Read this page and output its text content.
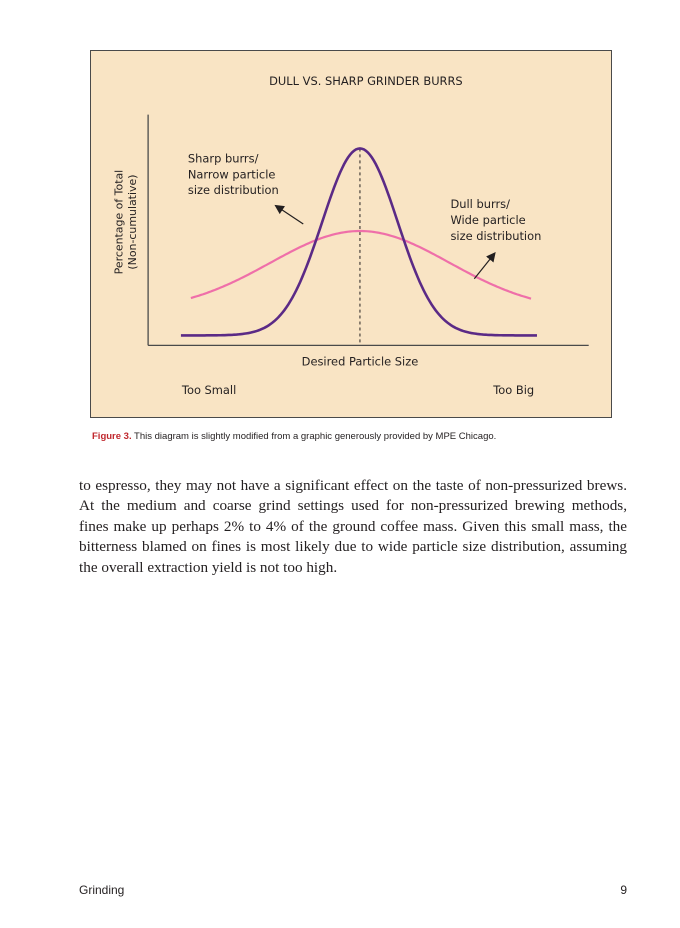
DULL VS. SHARP GRINDER BURRS
Percentage of Total (Non-cumulative)
Sharp burrs/
Narrow particle
size distribution
Dull burrs/
Wide particle
size distribution
Desired Particle Size
Too Small	Too Big
Figure 3. This diagram is slightly modified from a graphic generously provided by MPE Chicago.

to espresso, they may not have a significant effect on the taste of non-pressurized brews.
At the medium and coarse grind settings used for non-pressurized brewing methods,
fines make up perhaps 2% to 4% of the ground coffee mass. Given this small mass, the
bitterness blamed on fines is most likely due to wide particle size distribution, assuming
the overall extraction yield is not too high.

Grinding	9
